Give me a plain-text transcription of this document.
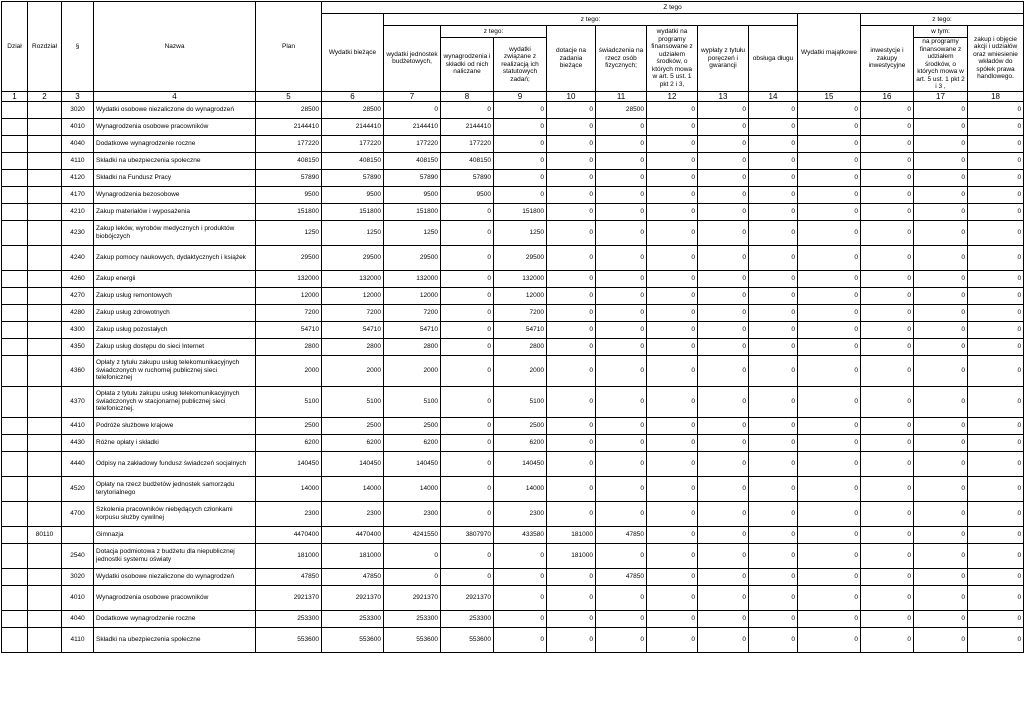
Dział	Rozdział	§	Nazwa	Plan	Z tego												
					Wydatki bieżące	z tego:								Wydatki majątkowe	z tego:		
						wydatki jednostek budżetowych,	z tego:		dotacje na zadania bieżące	świadczenia na rzecz osób fizycznych;	wydatki na programy finansowane z udziałem środków, o których mowa w art. 5 ust. 1 pkt 2 i 3,	wypłaty z tytułu poręczeń i gwarancji	obsługa długu		inwestycje i zakupy inwestycyjne	w tym:	zakup i objęcie akcji i udziałów oraz wniesienie wkładów do spółek prawa handlowego.
							wynagrodzenia i składki od nich naliczane	wydatki związane z realizacją ich statutowych zadań;								na programy finansowane z udziałem środków, o których mowa w art. 5 ust. 1 pkt 2 i 3 ,	
1	2	3	4	5	6	7	8	9	10	11	12	13	14	15	16	17	18
		3020	Wydatki osobowe niezaliczone do wynagrodzeń	28500	28500	0	0	0	0	28500	0	0	0	0	0	0	0
		4010	Wynagrodzenia osobowe pracowników	2144410	2144410	2144410	2144410	0	0	0	0	0	0	0	0	0	0
		4040	Dodatkowe wynagrodzenie roczne	177220	177220	177220	177220	0	0	0	0	0	0	0	0	0	0
		4110	Składki na ubezpieczenia społeczne	408150	408150	408150	408150	0	0	0	0	0	0	0	0	0	0
		4120	Składki na Fundusz Pracy	57890	57890	57890	57890	0	0	0	0	0	0	0	0	0	0
		4170	Wynagrodzenia bezosobowe	9500	9500	9500	9500	0	0	0	0	0	0	0	0	0	0
		4210	Zakup materiałów i wyposażenia	151800	151800	151800	0	151800	0	0	0	0	0	0	0	0	0
		4230	Zakup leków, wyrobów medycznych i produktów biobójczych	1250	1250	1250	0	1250	0	0	0	0	0	0	0	0	0
		4240	Zakup pomocy naukowych, dydaktycznych i książek	29500	29500	29500	0	29500	0	0	0	0	0	0	0	0	0
		4260	Zakup energii	132000	132000	132000	0	132000	0	0	0	0	0	0	0	0	0
		4270	Zakup usług remontowych	12000	12000	12000	0	12000	0	0	0	0	0	0	0	0	0
		4280	Zakup usług zdrowotnych	7200	7200	7200	0	7200	0	0	0	0	0	0	0	0	0
		4300	Zakup usług pozostałych	54710	54710	54710	0	54710	0	0	0	0	0	0	0	0	0
		4350	Zakup usług dostępu do sieci Internet	2800	2800	2800	0	2800	0	0	0	0	0	0	0	0	0
		4360	Opłaty z tytułu zakupu usług telekomunikacyjnych świadczonych w ruchomej publicznej sieci telefonicznej	2000	2000	2000	0	2000	0	0	0	0	0	0	0	0	0
		4370	Opłata z tytułu zakupu usług telekomunikacyjnych świadczonych w stacjonarnej publicznej sieci telefonicznej.	5100	5100	5100	0	5100	0	0	0	0	0	0	0	0	0
		4410	Podróże służbowe krajowe	2500	2500	2500	0	2500	0	0	0	0	0	0	0	0	0
		4430	Różne opłaty i składki	6200	6200	6200	0	6200	0	0	0	0	0	0	0	0	0
		4440	Odpisy na zakładowy fundusz świadczeń socjalnych	140450	140450	140450	0	140450	0	0	0	0	0	0	0	0	0
		4520	Opłaty na rzecz budżetów jednostek samorządu terytorialnego	14000	14000	14000	0	14000	0	0	0	0	0	0	0	0	0
		4700	Szkolenia pracowników niebędących członkami korpusu służby cywilnej	2300	2300	2300	0	2300	0	0	0	0	0	0	0	0	0
	80110		Gimnazja	4470400	4470400	4241550	3807970	433580	181000	47850	0	0	0	0	0	0	0
		2540	Dotacja podmiotowa z budżetu dla niepublicznej jednostki systemu oświaty	181000	181000	0	0	0	181000	0	0	0	0	0	0	0	0
		3020	Wydatki osobowe niezaliczone do wynagrodzeń	47850	47850	0	0	0	0	47850	0	0	0	0	0	0	0
		4010	Wynagrodzenia osobowe pracowników	2921370	2921370	2921370	2921370	0	0	0	0	0	0	0	0	0	0
		4040	Dodatkowe wynagrodzenie roczne	253300	253300	253300	253300	0	0	0	0	0	0	0	0	0	0
		4110	Składki na ubezpieczenia społeczne	553600	553600	553600	553600	0	0	0	0	0	0	0	0	0	0
